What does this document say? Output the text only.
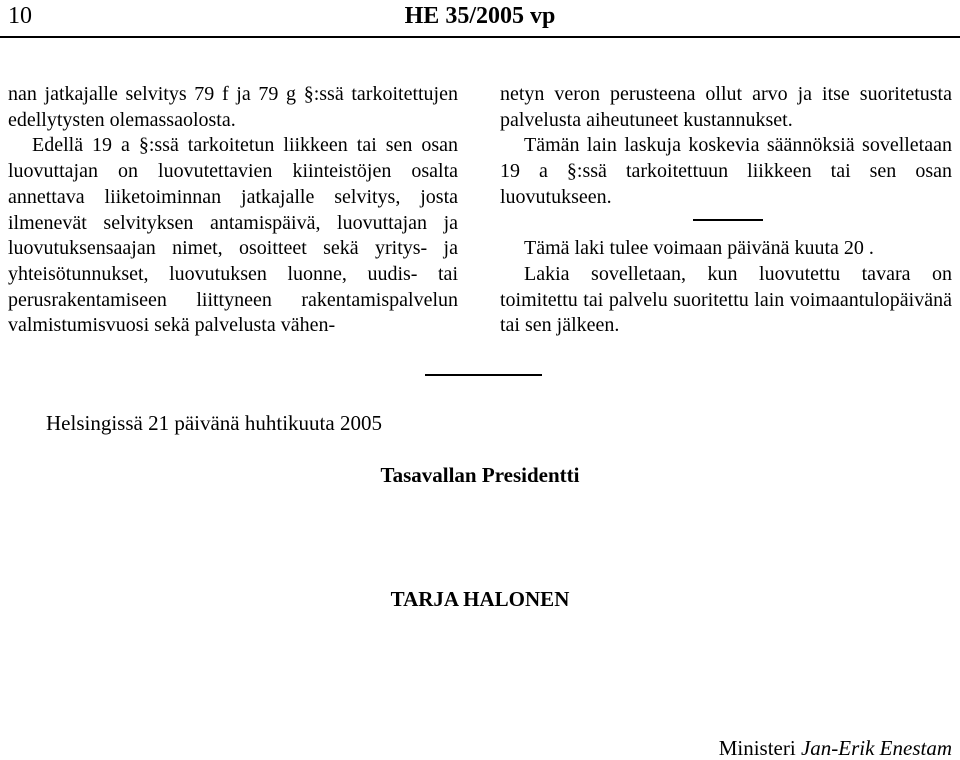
10	HE 35/2005 vp

nan jatkajalle selvitys 79 f ja 79 g §:ssä tarkoitettujen edellytysten olemassaolosta.

Edellä 19 a §:ssä tarkoitetun liikkeen tai sen osan luovuttajan on luovutettavien kiinteistöjen osalta annettava liiketoiminnan jatkajalle selvitys, josta ilmenevät selvityksen antamispäivä, luovuttajan ja luovutuksensaajan nimet, osoitteet sekä yritys- ja yhteisötunnukset, luovutuksen luonne, uudis- tai perusrakentamiseen liittyneen rakentamispalvelun valmistumisvuosi sekä palvelusta vähen-

netyn veron perusteena ollut arvo ja itse suoritetusta palvelusta aiheutuneet kustannukset.

Tämän lain laskuja koskevia säännöksiä sovelletaan 19 a §:ssä tarkoitettuun liikkeen tai sen osan luovutukseen.

Tämä laki tulee voimaan päivänä kuuta 20 .

Lakia sovelletaan, kun luovutettu tavara on toimitettu tai palvelu suoritettu lain voimaantulopäivänä tai sen jälkeen.

Helsingissä 21 päivänä huhtikuuta 2005
Tasavallan Presidentti
TARJA HALONEN
Ministeri Jan-Erik Enestam
